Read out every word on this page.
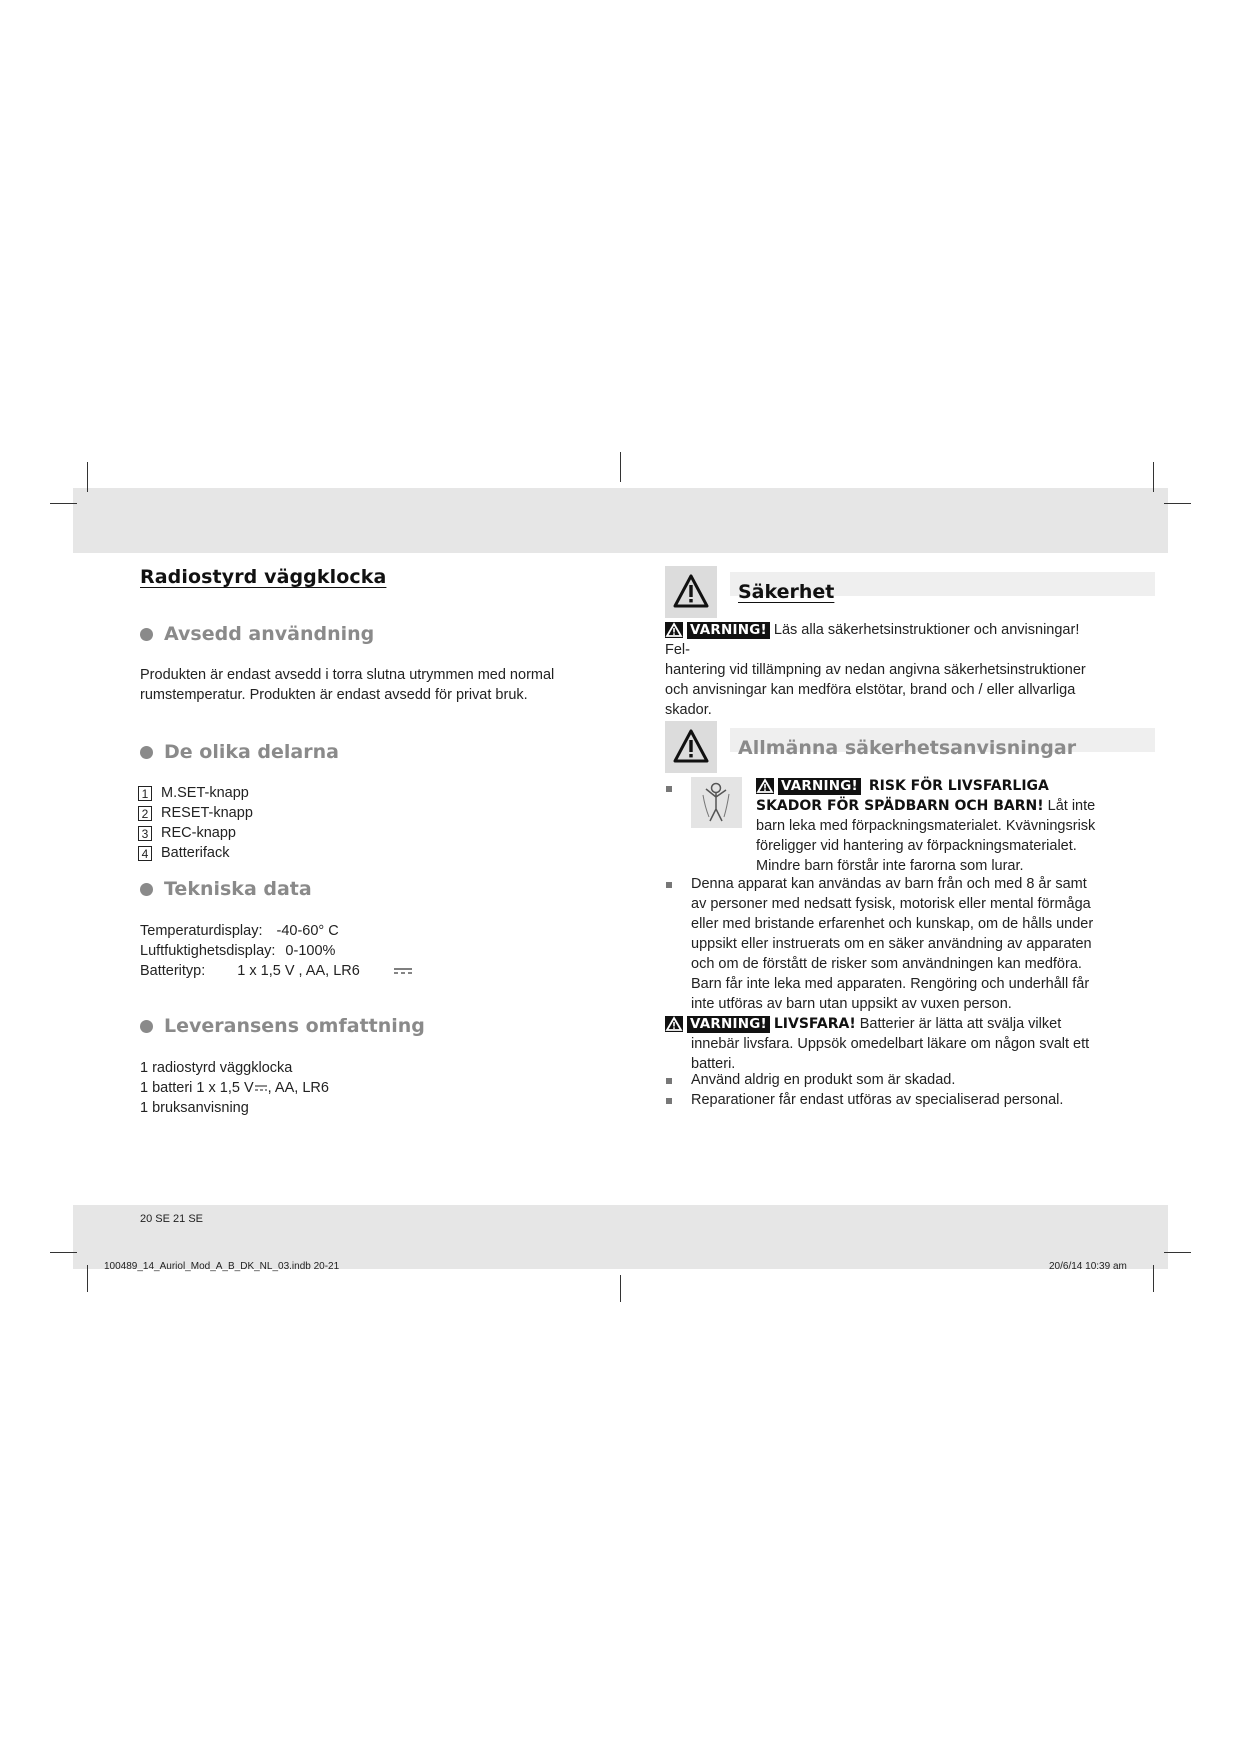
Radiostyrd väggklocka
Avsedd användning
Produkten är endast avsedd i torra slutna utrymmen med normal
rumstemperatur. Produkten är endast avsedd för privat bruk.
De olika delarna
1 M.SET-knapp
2 RESET-knapp
3 REC-knapp
4 Batterifack
Tekniska data
Temperaturdisplay: -40-60° C
Luftfuktighetsdisplay: 0-100%
Batterityp: 1 x 1,5 V , AA, LR6
Leveransens omfattning
1 radiostyrd väggklocka
1 batteri 1 x 1,5 V , AA, LR6
1 bruksanvisning
Säkerhet
VARNING! Läs alla säkerhetsinstruktioner och anvisningar! Fel-
hantering vid tillämpning av nedan angivna säkerhetsinstruktioner
och anvisningar kan medföra elstötar, brand och / eller allvarliga
skador.
Allmänna säkerhetsanvisningar
VARNING! RISK FÖR LIVSFARLIGA
SKADOR FÖR SPÄDBARN OCH BARN! Låt inte
barn leka med förpackningsmaterialet. Kvävningsrisk
föreligger vid hantering av förpackningsmaterialet.
Mindre barn förstår inte farorna som lurar.
Denna apparat kan användas av barn från och med 8 år samt
av personer med nedsatt fysisk, motorisk eller mental förmåga
eller med bristande erfarenhet och kunskap, om de hålls under
uppsikt eller instruerats om en säker användning av apparaten
och om de förstått de risker som användningen kan medföra.
Barn får inte leka med apparaten. Rengöring och underhåll får
inte utföras av barn utan uppsikt av vuxen person.
VARNING! LIVSFARA! Batterier är lätta att svälja vilket
innebär livsfara. Uppsök omedelbart läkare om någon svalt ett
batteri.
Använd aldrig en produkt som är skadad.
Reparationer får endast utföras av specialiserad personal.
20 SE 21 SE
100489_14_Auriol_Mod_A_B_DK_NL_03.indb 20-21	20/6/14 10:39 am
